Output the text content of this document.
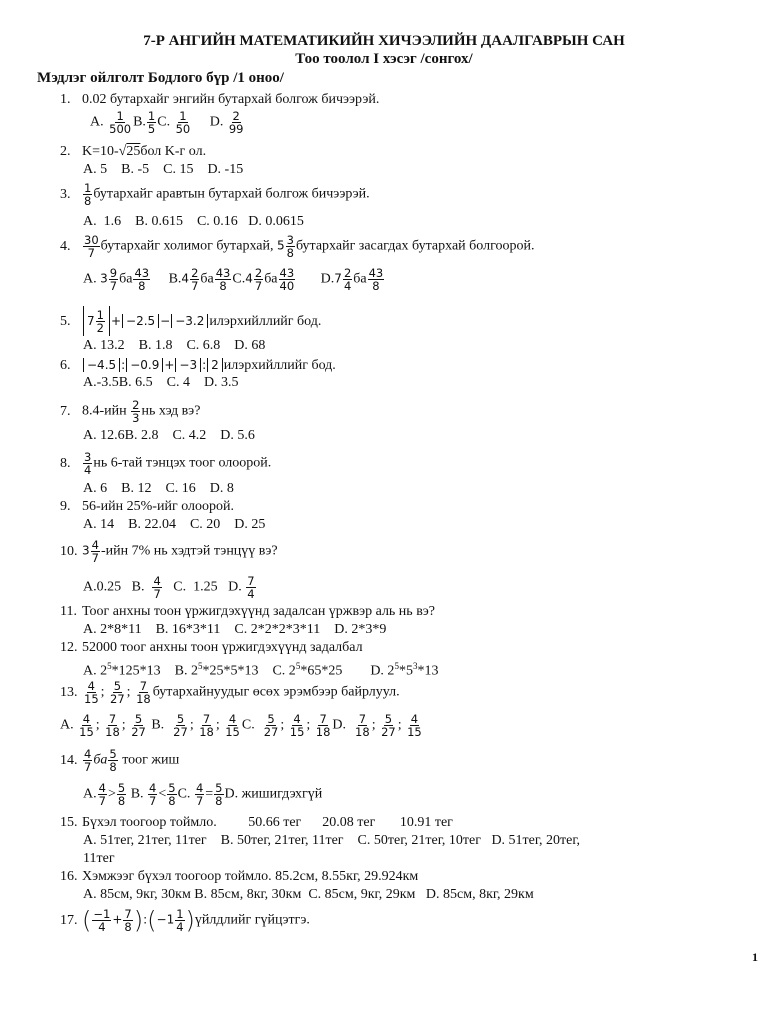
7-Р АНГИЙН МАТЕМАТИКИЙН ХИЧЭЭЛИЙН ДААЛГАВРЫН САН
Тоо тоолол I хэсэг /сонгох/
Мэдлэг ойлголт Бодлого бүр /1 оноо/
1. 0.02 бутархайг энгийн бутархай болгож бичээрэй.
A. $\frac{1}{500} B$. $\frac{1}{5} C$. $\frac{1}{50} D$. $\frac{2}{99}$
2. K=10-√25бол K-г ол.
A. 5    B. -5    C. 15    D. -15
3. $\frac{1}{8}$ бутархайг аравтын бутархай болгож бичээрэй.
A.  1.6    B. 0.615    C. 0.16   D. 0.0615
4. $\frac{30}{7}$ бутархайг холимог бутархай, $5 \frac{3}{8}$ бутархайг засагдах бутархай болгоорой.
A. $3 \frac{9}{7}$ ба $\frac{43}{8} B.4 \frac{2}{7}$ ба $\frac{43}{8} C.4 \frac{2}{7}$ ба $\frac{43}{40} D.7 \frac{2}{4}$ ба $\frac{43}{8}$
5. $7 \frac{1}{2} + -2.5 - -3.2$ илэрхийллийг бод.
A. 13.2    B. 1.8    C. 6.8    D. 68
6. −4.5 : −0.9 + −3 : 2 илэрхийллийг бод.
A.-3.5B. 6.5    C. 4    D. 3.5
7. $8.4-ийн \frac{2}{3}$ нь хэд вэ?
A. 12.6B. 2.8    C. 4.2    D. 5.6
8. $\frac{3}{4}$ нь 6-тай тэнцэх тоог олоорой.
A. 6    B. 12    C. 16    D. 8
9. 56-ийн 25%-ийг олоорой.
A. 14    B. 22.04    C. 20    D. 25
10. $3 \frac{4}{7} -ийн$ 7% нь хэдтэй тэнцүү вэ?
A.0.25   B. $\frac{4}{7} C$.  1.25   D. $\frac{7}{4}$
11. Тоог анхны тоон үржигдэхүүнд задалсан үржвэр аль нь вэ?
A. 2*8*11    B. 16*3*11    C. 2*2*2*3*11    D. 2*3*9
12. 52000 тоог анхны тоон үржигдэхүүнд задалбал
A. $2^5*125*13$    B. $2^5*25*5*13$    C. $2^5*65*25$        D. $2^5*5^3*13$
13. $\frac{4}{15}$ ; $\frac{5}{27}$ ; $\frac{7}{18}$ бутархайнуудыг өсөх эрэмбээр байрлуул.
A. $\frac{4}{15}$ ; $\frac{7}{18}$ ; $\frac{5}{27} B$. $\frac{5}{27}$ ; $\frac{7}{18}$ ; $\frac{4}{15} C$. $\frac{5}{27}$ ; $\frac{4}{15}$ ; $\frac{7}{18} D$. $\frac{7}{18}$ ; $\frac{5}{27}$ ; $\frac{4}{15}$
14. $\frac{4}{7}$ ба $\frac{5}{8}$ тоог жиш
A. $\frac{4}{7} > \frac{5}{8} B$. $\frac{4}{7} < \frac{5}{8} C$. $\frac{4}{7} = \frac{5}{8} D$. жишигдэхгүй
15. Бүхэл тоогоор тоймло.         50.66 тег      20.08 тег       10.91 тег
A. 51тег, 21тег, 11тег    B. 50тег, 21тег, 11тег    C. 50тег, 21тег, 10тег   D. 51тег, 20тег,
11тег
16. Хэмжээг бүхэл тоогоор тоймло. 85.2см, 8.55кг, 29.924км
A. 85см, 9кг, 30км B. 85см, 8кг, 30км  C. 85см, 9кг, 29км   D. 85см, 8кг, 29км
17. ( $\frac{-1}{4} + \frac{7}{8}$ ):(−1 $\frac{1}{4}$ )үйлдлийг гүйцэтгэ.
1
